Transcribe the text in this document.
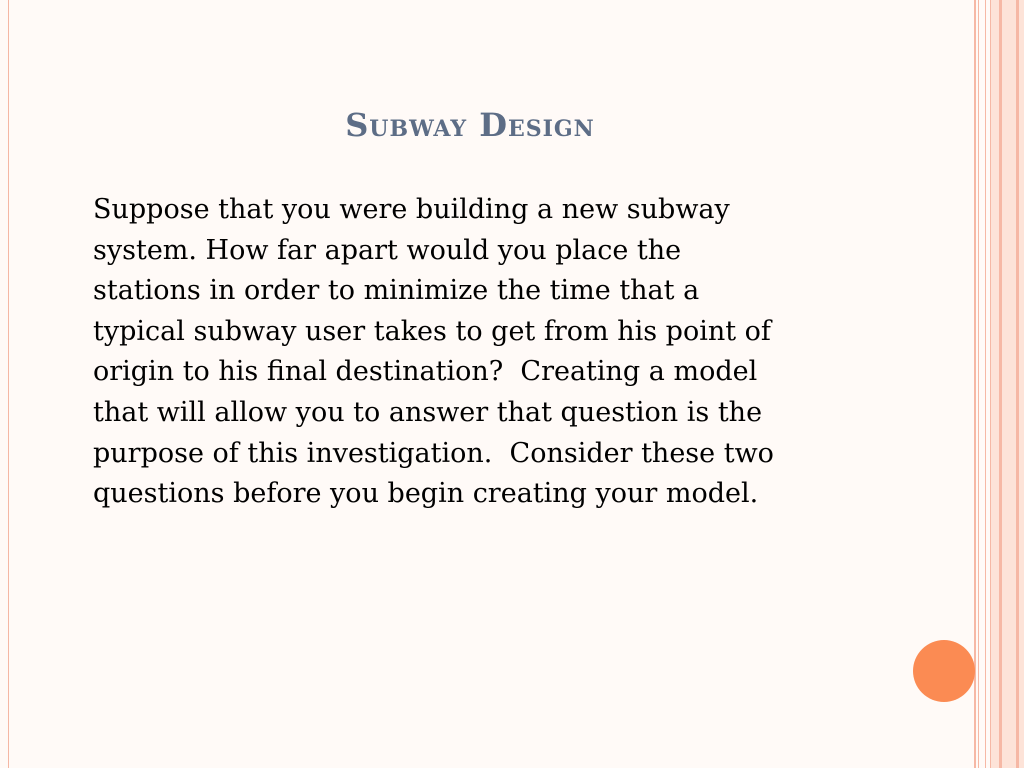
Subway Design

Suppose that you were building a new subway
system. How far apart would you place the
stations in order to minimize the time that a
typical subway user takes to get from his point of
origin to his final destination?  Creating a model
that will allow you to answer that question is the
purpose of this investigation.  Consider these two
questions before you begin creating your model.
